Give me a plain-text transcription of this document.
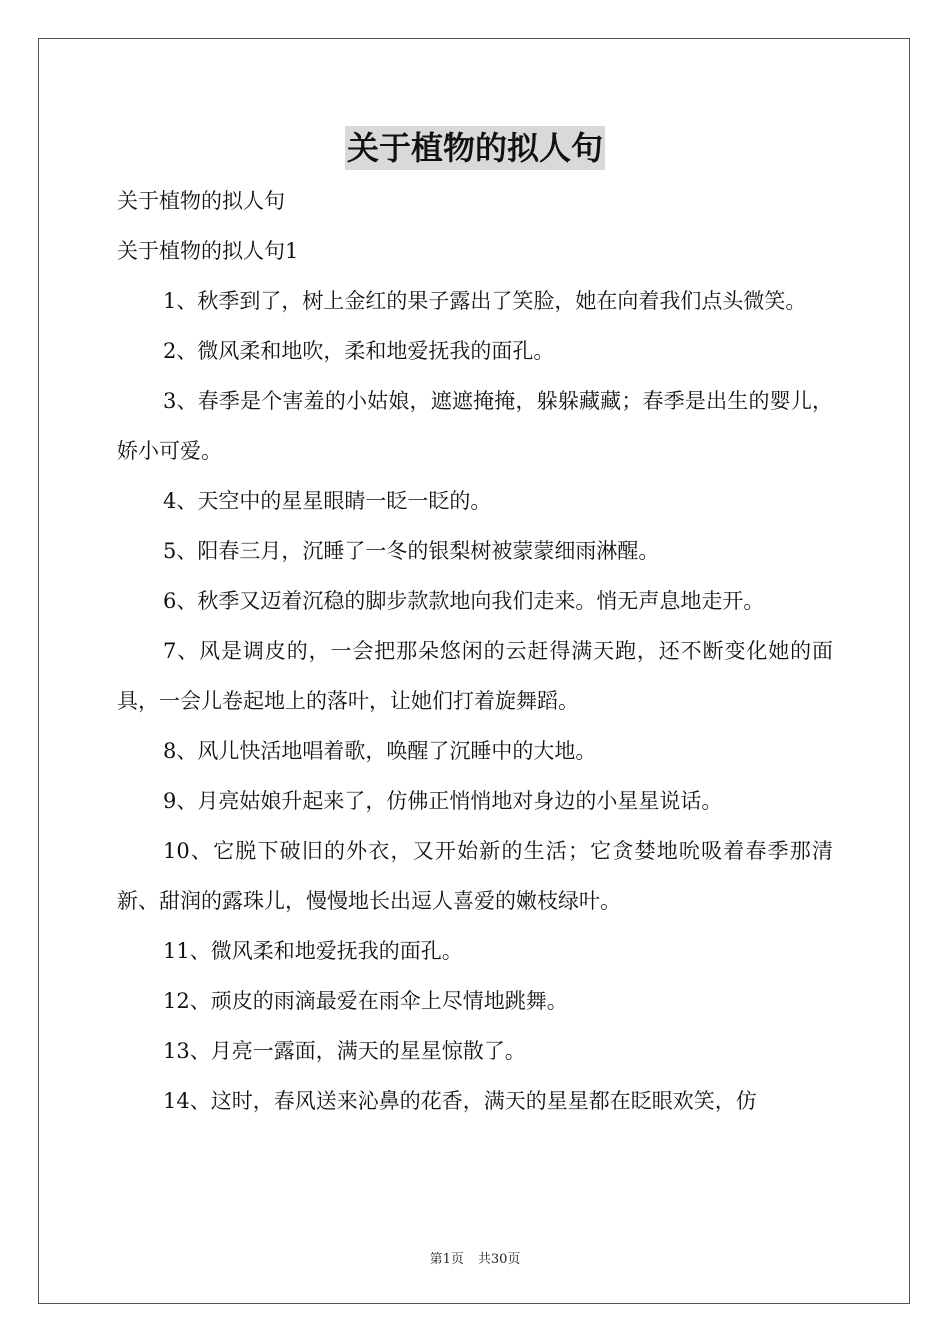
关于植物的拟人句

关于植物的拟人句

关于植物的拟人句1

1、秋季到了，树上金红的果子露出了笑脸，她在向着我们点头微笑。

2、微风柔和地吹，柔和地爱抚我的面孔。

3、春季是个害羞的小姑娘，遮遮掩掩，躲躲藏藏；春季是出生的婴儿，娇小可爱。

4、天空中的星星眼睛一眨一眨的。

5、阳春三月，沉睡了一冬的银梨树被蒙蒙细雨淋醒。

6、秋季又迈着沉稳的脚步款款地向我们走来。悄无声息地走开。

7、风是调皮的，一会把那朵悠闲的云赶得满天跑，还不断变化她的面具，一会儿卷起地上的落叶，让她们打着旋舞蹈。

8、风儿快活地唱着歌，唤醒了沉睡中的大地。

9、月亮姑娘升起来了，仿佛正悄悄地对身边的小星星说话。

10、它脱下破旧的外衣，又开始新的生活；它贪婪地吮吸着春季那清新、甜润的露珠儿，慢慢地长出逗人喜爱的嫩枝绿叶。

11、微风柔和地爱抚我的面孔。

12、顽皮的雨滴最爱在雨伞上尽情地跳舞。

13、月亮一露面，满天的星星惊散了。

14、这时，春风送来沁鼻的花香，满天的星星都在眨眼欢笑，仿

第1页 共30页
